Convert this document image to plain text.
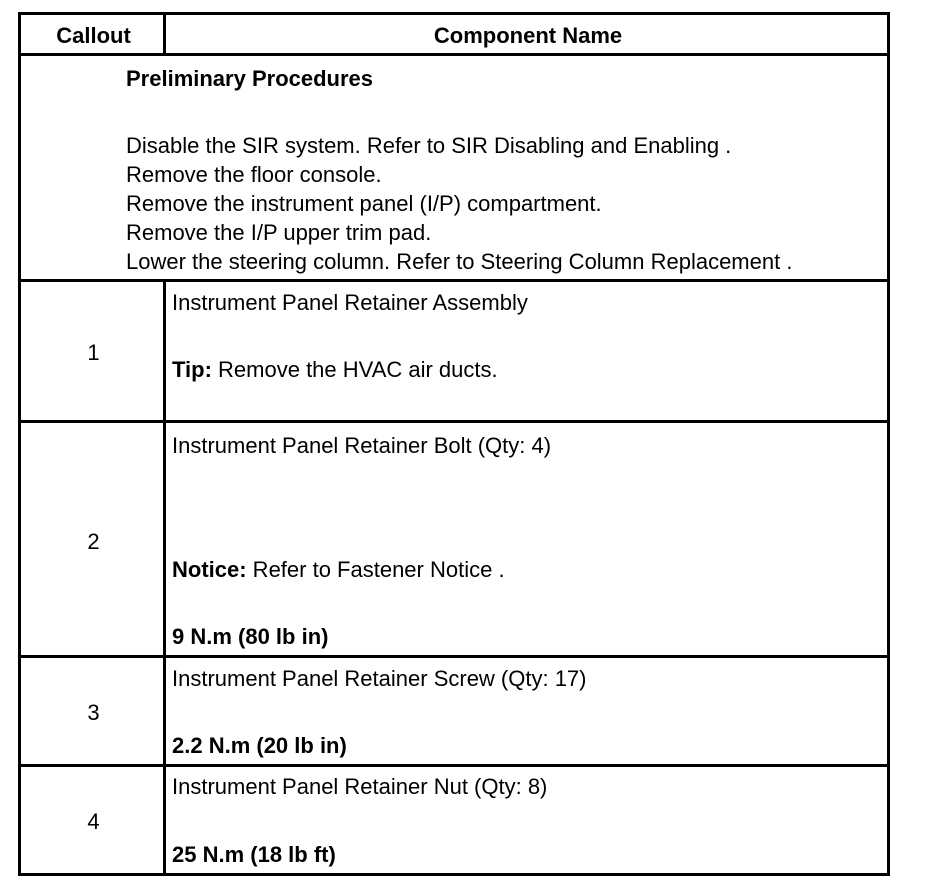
Callout	Component Name
Preliminary Procedures
Disable the SIR system. Refer to SIR Disabling and Enabling .
Remove the floor console.
Remove the instrument panel (I/P) compartment.
Remove the I/P upper trim pad.
Lower the steering column. Refer to Steering Column Replacement .
1
Instrument Panel Retainer Assembly
Tip: Remove the HVAC air ducts.
2
Instrument Panel Retainer Bolt (Qty: 4)
Notice: Refer to Fastener Notice .
9 N.m (80 lb in)
3
Instrument Panel Retainer Screw (Qty: 17)
2.2 N.m (20 lb in)
4
Instrument Panel Retainer Nut (Qty: 8)
25 N.m (18 lb ft)
